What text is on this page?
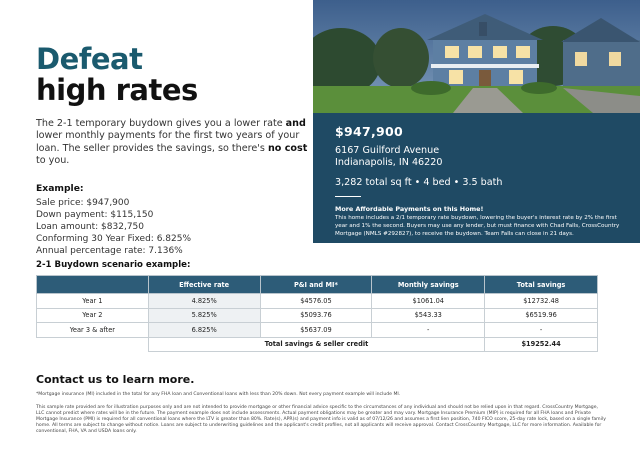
Defeat
high rates

The 2-1 temporary buydown gives you a lower rate and lower monthly payments for the first two years of your loan. The seller provides the savings, so there's no cost to you.

Example:
Sale price: $947,900
Down payment: $115,150
Loan amount: $832,750
Conforming 30 Year Fixed: 6.825%
Annual percentage rate: 7.136%
$947,900
6167 Guilford Avenue
Indianapolis, IN 46220
3,282 total sq ft • 4 bed • 3.5 bath
More Affordable Payments on this Home!
This home includes a 2/1 temporary rate buydown, lowering the buyer's interest rate by 2% the first year and 1% the second. Buyers may use any lender, but must finance with Chad Falls, CrossCountry Mortgage (NMLS #292827), to receive the buydown. Team Falls can close in 21 days.
2-1 Buydown scenario example:
	Effective rate	P&I and MI*	Monthly savings	Total savings
Year 1	4.825%	$4576.05	$1061.04	$12732.48
Year 2	5.825%	$5093.76	$543.33	$6519.96
Year 3 & after	6.825%	$5637.09	-	-
	Total savings & seller credit			$19252.44
Contact us to learn more.
*Mortgage insurance (MI) included in the total for any FHA loan and Conventional loans with less than 20% down. Not every payment example will include MI.
This sample rate provided are for illustration purposes only and are not intended to provide mortgage or other financial advice specific to the circumstances of any individual and should not be relied upon in that regard. CrossCountry Mortgage, LLC cannot predict where rates will be in the future. The payment example does not include assessments. Actual payment obligations may be greater and may vary. Mortgage Insurance Premium (MIP) is required for all FHA loans and Private Mortgage Insurance (PMI) is required for all conventional loans where the LTV is greater than 80%. Rate(s), APR(s) and payment info is valid as of 07/12/26 and assumes a first lien position, 740 FICO score, 25-day rate lock, based on a single family home. All terms are subject to change without notice. Loans are subject to underwriting guidelines and the applicant's credit profiles, not all applicants will receive approval. Contact CrossCountry Mortgage, LLC for more information. Available for conventional, FHA, VA and USDA loans only.
